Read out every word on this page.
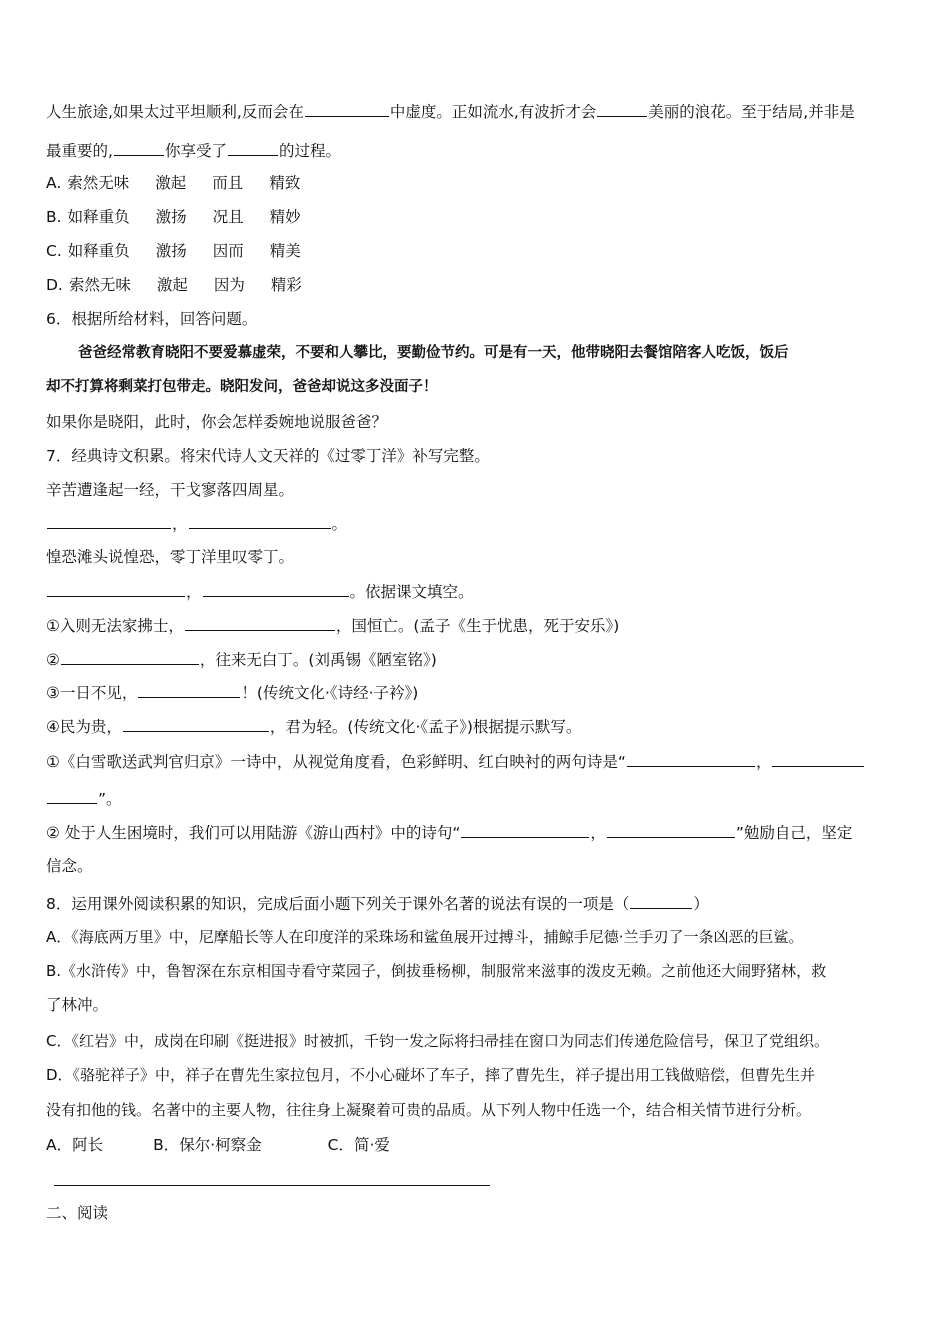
人生旅途,如果太过平坦顺利,反而会在	中虚度。正如流水,有波折才会	美丽的浪花。至于结局,并非是
最重要的,	你享受了	的过程。
A. 索然无味 激起 而且 精致
B. 如释重负 激扬 况且 精妙
C. 如释重负 激扬 因而 精美
D. 索然无味 激起 因为 精彩
6．根据所给材料，回答问题。
爸爸经常教育晓阳不要爱慕虚荣，不要和人攀比，要勤俭节约。可是有一天，他带晓阳去餐馆陪客人吃饭，饭后
却不打算将剩菜打包带走。晓阳发问，爸爸却说这多没面子！
如果你是晓阳，此时，你会怎样委婉地说服爸爸？
7．经典诗文积累。将宋代诗人文天祥的《过零丁洋》补写完整。
辛苦遭逢起一经，干戈寥落四周星。
，	。
惶恐滩头说惶恐，零丁洋里叹零丁。
，	。依据课文填空。
①入则无法家拂士，	，国恒亡。(孟子《生于忧患，死于安乐》)
②	，往来无白丁。(刘禹锡《陋室铭》)
③一日不见，	！(传统文化·《诗经·子衿》)
④民为贵，	，君为轻。(传统文化·《孟子》)根据提示默写。
①《白雪歌送武判官归京》一诗中，从视觉角度看，色彩鲜明、红白映衬的两句诗是“	，
”。
② 处于人生困境时，我们可以用陆游《游山西村》中的诗句“	，	”勉励自己，坚定
信念。
8．运用课外阅读积累的知识，完成后面小题下列关于课外名著的说法有误的一项是（	）
A．《海底两万里》中，尼摩船长等人在印度洋的采珠场和鲨鱼展开过搏斗，捕鲸手尼德·兰手刃了一条凶恶的巨鲨。
B.《水浒传》中，鲁智深在东京相国寺看守菜园子，倒拔垂杨柳，制服常来滋事的泼皮无赖。之前他还大闹野猪林，救
了林冲。
C．《红岩》中，成岗在印刷《挺进报》时被抓，千钧一发之际将扫帚挂在窗口为同志们传递危险信号，保卫了党组织。
D．《骆驼祥子》中，祥子在曹先生家拉包月，不小心碰坏了车子，摔了曹先生，祥子提出用工钱做赔偿，但曹先生并
没有扣他的钱。名著中的主要人物，往往身上凝聚着可贵的品质。从下列人物中任选一个，结合相关情节进行分析。
A．阿长	B．保尔·柯察金	C．简·爱
二、阅读
